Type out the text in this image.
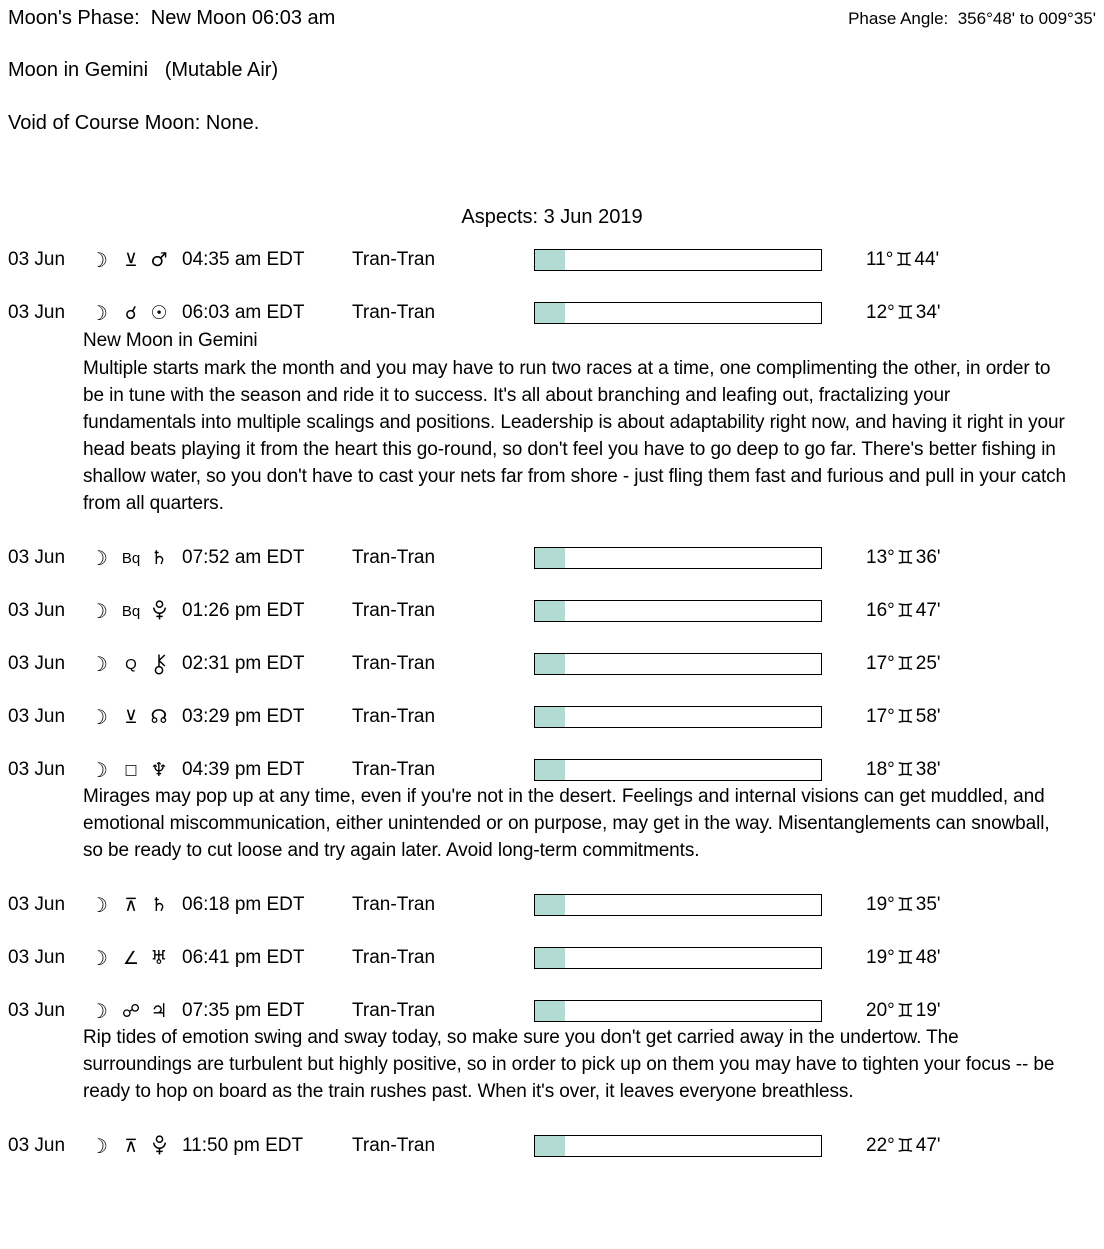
Moon's Phase:  New Moon 06:03 am	Phase Angle:  356°48' to 009°35'
Moon in Gemini   (Mutable Air)
Void of Course Moon: None.
Aspects: 3 Jun 2019
03 Jun	☽ ⊻ ♂ 04:35 am EDT	Tran-Tran	11° ♊ 44'
03 Jun	☽ ☌ ☉ 06:03 am EDT	Tran-Tran	12° ♊ 34'
New Moon in Gemini
Multiple starts mark the month and you may have to run two races at a time, one complimenting the other, in order to be in tune with the season and ride it to success. It's all about branching and leafing out, fractalizing your fundamentals into multiple scalings and positions. Leadership is about adaptability right now, and having it right in your head beats playing it from the heart this go-round, so don't feel you have to go deep to go far. There's better fishing in shallow water, so you don't have to cast your nets far from shore - just fling them fast and furious and pull in your catch from all quarters.
03 Jun	☽ Bq ♄ 07:52 am EDT	Tran-Tran	13° ♊ 36'
03 Jun	☽ Bq 01:26 pm EDT	Tran-Tran	16° ♊ 47'
03 Jun	☽	Q	02:31 pm EDT	Tran-Tran	17° ♊ 25'
03 Jun	☽ ⊻ ☊ 03:29 pm EDT	Tran-Tran	17° ♊ 58'
03 Jun	☽	□ ♆ 04:39 pm EDT	Tran-Tran	18° ♊ 38'
Mirages may pop up at any time, even if you're not in the desert. Feelings and internal visions can get muddled, and emotional miscommunication, either unintended or on purpose, may get in the way. Misentanglements can snowball, so be ready to cut loose and try again later. Avoid long-term commitments.
03 Jun	☽ ⊼ ♄ 06:18 pm EDT	Tran-Tran	19° ♊ 35'
03 Jun	☽ ∠ ♅ 06:41 pm EDT	Tran-Tran	19° ♊ 48'
03 Jun	☽ ☍ ♃ 07:35 pm EDT	Tran-Tran	20° ♊ 19'
Rip tides of emotion swing and sway today, so make sure you don't get carried away in the undertow. The surroundings are turbulent but highly positive, so in order to pick up on them you may have to tighten your focus -- be ready to hop on board as the train rushes past. When it's over, it leaves everyone breathless.
03 Jun	☽ ⊼	11:50 pm EDT	Tran-Tran	22° ♊ 47'
